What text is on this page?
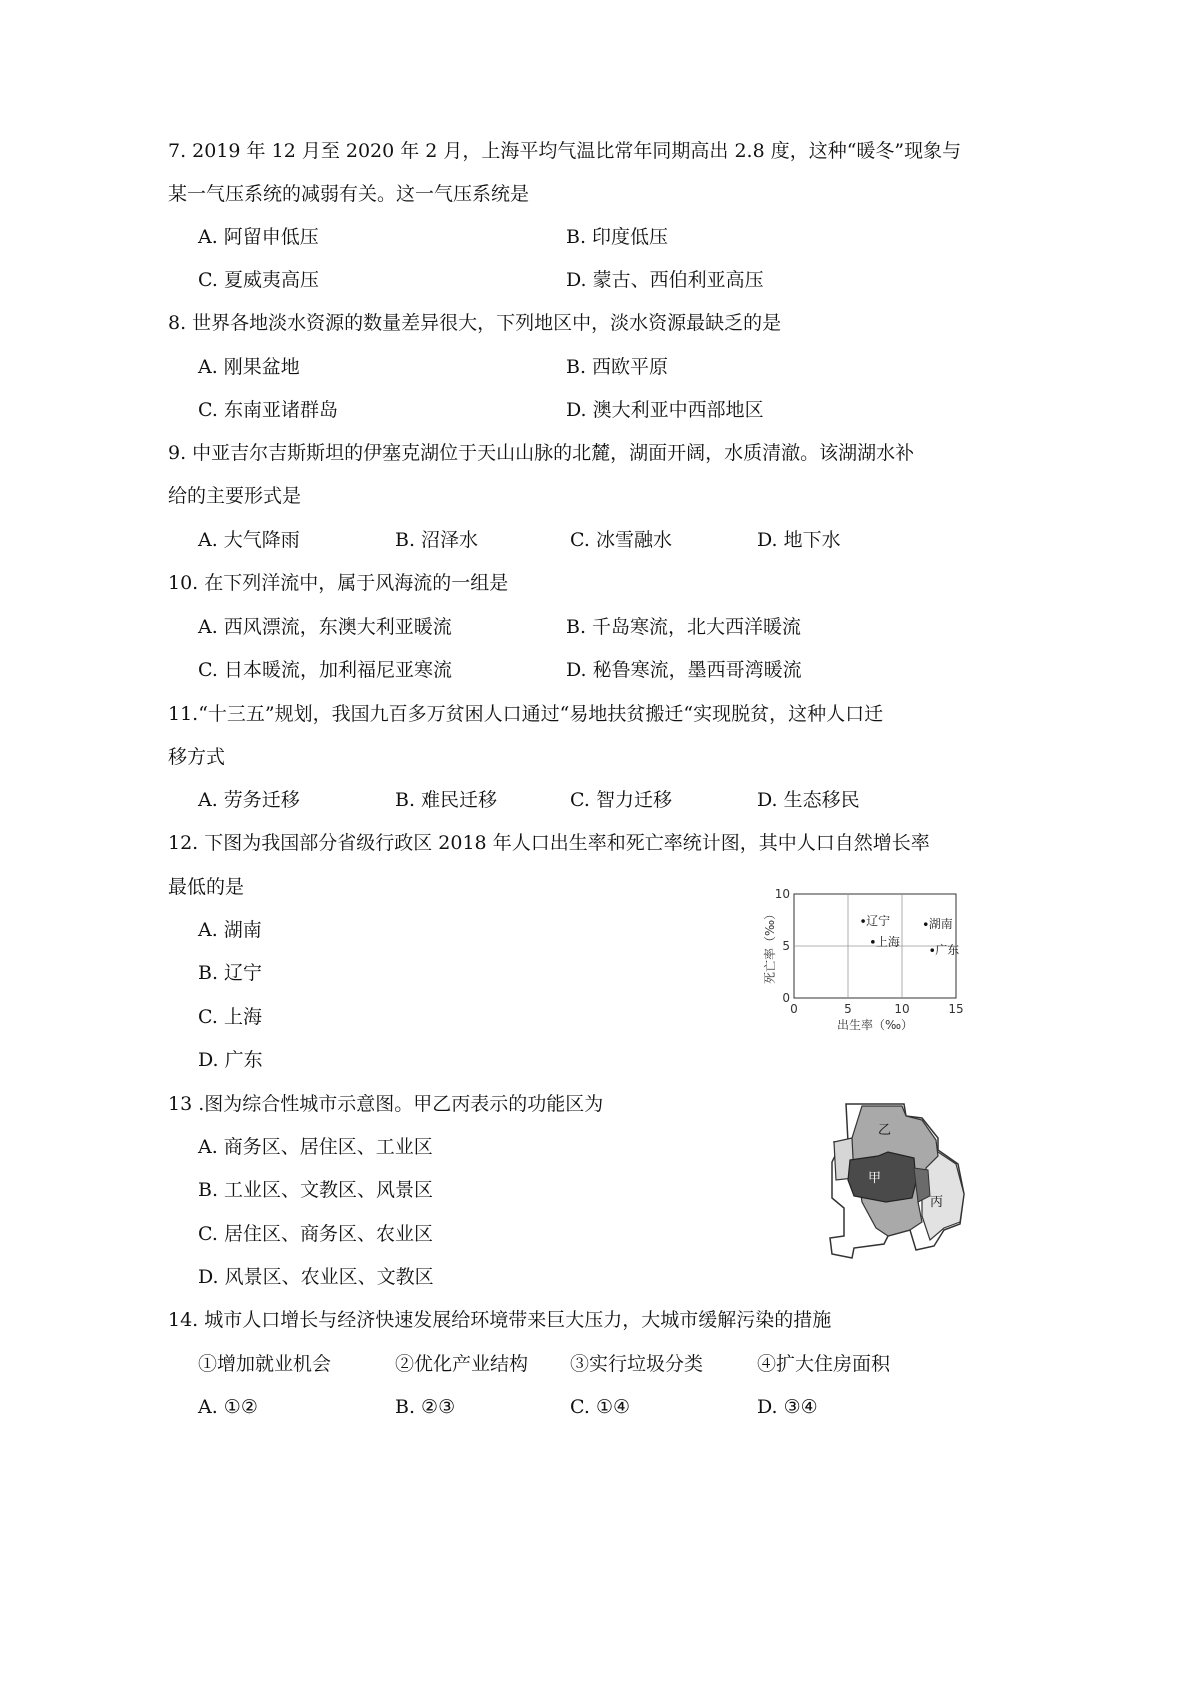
7. 2019 年 12 月至 2020 年 2 月，上海平均气温比常年同期高出 2.8 度，这种“暖冬”现象与
某一气压系统的减弱有关。这一气压系统是
A. 阿留申低压	B. 印度低压
C. 夏威夷高压	D. 蒙古、西伯利亚高压
8. 世界各地淡水资源的数量差异很大，下列地区中，淡水资源最缺乏的是
A. 刚果盆地	B. 西欧平原
C. 东南亚诸群岛	D. 澳大利亚中西部地区
9. 中亚吉尔吉斯斯坦的伊塞克湖位于天山山脉的北麓，湖面开阔，水质清澈。该湖湖水补
给的主要形式是
A. 大气降雨	B. 沼泽水	C. 冰雪融水	D. 地下水
10. 在下列洋流中，属于风海流的一组是
A. 西风漂流，东澳大利亚暖流	B. 千岛寒流，北大西洋暖流
C. 日本暖流，加利福尼亚寒流	D. 秘鲁寒流，墨西哥湾暖流
11.“十三五”规划，我国九百多万贫困人口通过“易地扶贫搬迁“实现脱贫，这种人口迁
移方式
A. 劳务迁移	B. 难民迁移	C. 智力迁移	D. 生态移民
12. 下图为我国部分省级行政区 2018 年人口出生率和死亡率统计图，其中人口自然增长率
最低的是
A. 湖南
B. 辽宁
C. 上海
D. 广东
0	5	10	15
0
5
10
出生率（‰）
死亡率（‰）	辽宁
上海
湖南
广东
13 .图为综合性城市示意图。甲乙丙表示的功能区为
A. 商务区、居住区、工业区
B. 工业区、文教区、风景区
C. 居住区、商务区、农业区
D. 风景区、农业区、文教区
甲
乙
丙
14. 城市人口增长与经济快速发展给环境带来巨大压力，大城市缓解污染的措施
①增加就业机会	②优化产业结构 ③实行垃圾分类	④扩大住房面积
A. ①②	B. ②③	C. ①④	D. ③④
